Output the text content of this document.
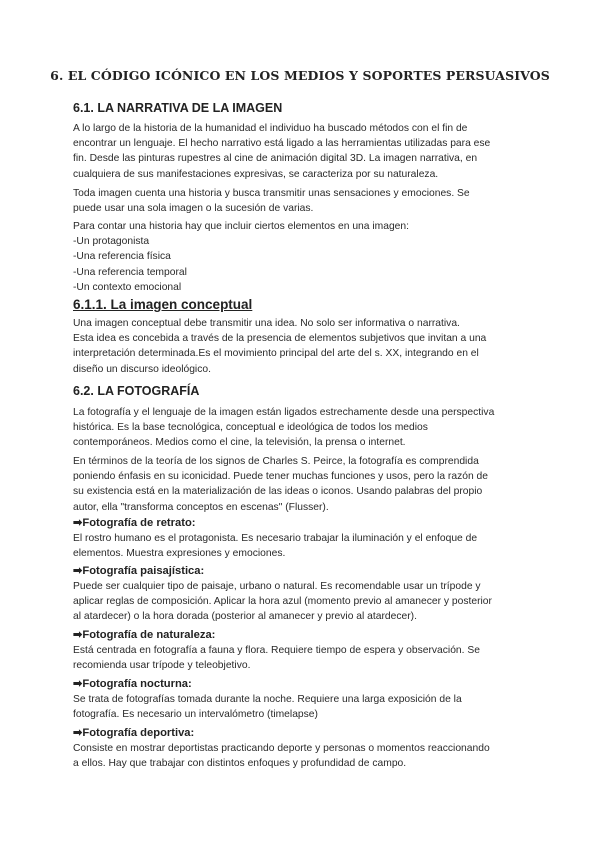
6. EL CÓDIGO ICÓNICO EN LOS MEDIOS Y SOPORTES PERSUASIVOS
6.1. LA NARRATIVA DE LA IMAGEN
A lo largo de la historia de la humanidad el individuo ha buscado métodos con el fin de
encontrar un lenguaje. El hecho narrativo está ligado a las herramientas utilizadas para ese
fin. Desde las pinturas rupestres al cine de animación digital 3D. La imagen narrativa, en
cualquiera de sus manifestaciones expresivas, se caracteriza por su naturaleza.
Toda imagen cuenta una historia y busca transmitir unas sensaciones y emociones. Se
puede usar una sola imagen o la sucesión de varias.
Para contar una historia hay que incluir ciertos elementos en una imagen:
-Un protagonista
-Una referencia física
-Una referencia temporal
-Un contexto emocional
6.1.1. La imagen conceptual
Una imagen conceptual debe transmitir una idea. No solo ser informativa o narrativa.
Esta idea es concebida a través de la presencia de elementos subjetivos que invitan a una
interpretación determinada.Es el movimiento principal del arte del s. XX, integrando en el
diseño un discurso ideológico.
6.2. LA FOTOGRAFÍA
La fotografía y el lenguaje de la imagen están ligados estrechamente desde una perspectiva
histórica. Es la base tecnológica, conceptual e ideológica de todos los medios
contemporáneos. Medios como el cine, la televisión, la prensa o internet.
En términos de la teoría de los signos de Charles S. Peirce, la fotografía es comprendida
poniendo énfasis en su iconicidad. Puede tener muchas funciones y usos, pero la razón de
su existencia está en la materialización de las ideas o iconos. Usando palabras del propio
autor, ella "transforma conceptos en escenas" (Flusser).
➡Fotografía de retrato:
El rostro humano es el protagonista. Es necesario trabajar la iluminación y el enfoque de
elementos. Muestra expresiones y emociones.
➡Fotografía paisajística:
Puede ser cualquier tipo de paisaje, urbano o natural. Es recomendable usar un trípode y
aplicar reglas de composición. Aplicar la hora azul (momento previo al amanecer y posterior
al atardecer) o la hora dorada (posterior al amanecer y previo al atardecer).
➡Fotografía de naturaleza:
Está centrada en fotografía a fauna y flora. Requiere tiempo de espera y observación. Se
recomienda usar trípode y teleobjetivo.
➡Fotografía nocturna:
Se trata de fotografías tomada durante la noche. Requiere una larga exposición de la
fotografía. Es necesario un intervalómetro (timelapse)
➡Fotografía deportiva:
Consiste en mostrar deportistas practicando deporte y personas o momentos reaccionando
a ellos. Hay que trabajar con distintos enfoques y profundidad de campo.
